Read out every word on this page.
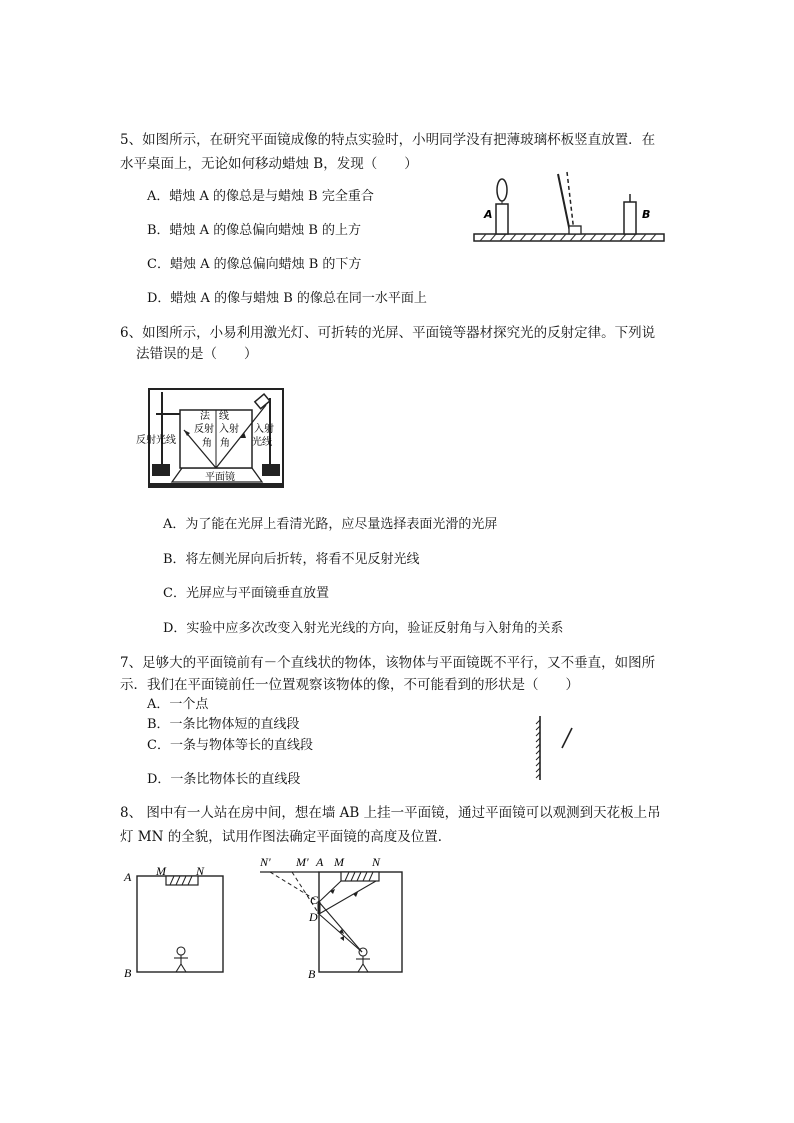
5、如图所示，在研究平面镜成像的特点实验时，小明同学没有把薄玻璃杯板竖直放置．在
水平桌面上，无论如何移动蜡烛 B，发现（　　）
A．蜡烛 A 的像总是与蜡烛 B 完全重合
B．蜡烛 A 的像总偏向蜡烛 B 的上方
C．蜡烛 A 的像总偏向蜡烛 B 的下方
D．蜡烛 A 的像与蜡烛 B 的像总在同一水平面上
A	B
6、如图所示，小易利用激光灯、可折转的光屏、平面镜等器材探究光的反射定律。下列说
法错误的是（　　）
平面镜
法 线
反射
角
入射
角
反射 光线
入射
光线
A．为了能在光屏上看清光路，应尽量选择表面光滑的光屏
B．将左侧光屏向后折转，将看不见反射光线
C．光屏应与平面镜垂直放置
D．实验中应多次改变入射光光线的方向，验证反射角与入射角的关系
7、足够大的平面镜前有－个直线状的物体，该物体与平面镜既不平行，又不垂直，如图所
示．我们在平面镜前任一位置观察该物体的像，不可能看到的形状是（　　）
A．一个点
B．一条比物体短的直线段
C．一条与物体等长的直线段
D．一条比物体长的直线段
8、 图中有一人站在房中间，想在墙 AB 上挂一平面镜，通过平面镜可以观测到天花板上吊
灯 MN 的全貌，试用作图法确定平面镜的高度及位置．
A M	N
B
N' M' A M N
C
D
B
